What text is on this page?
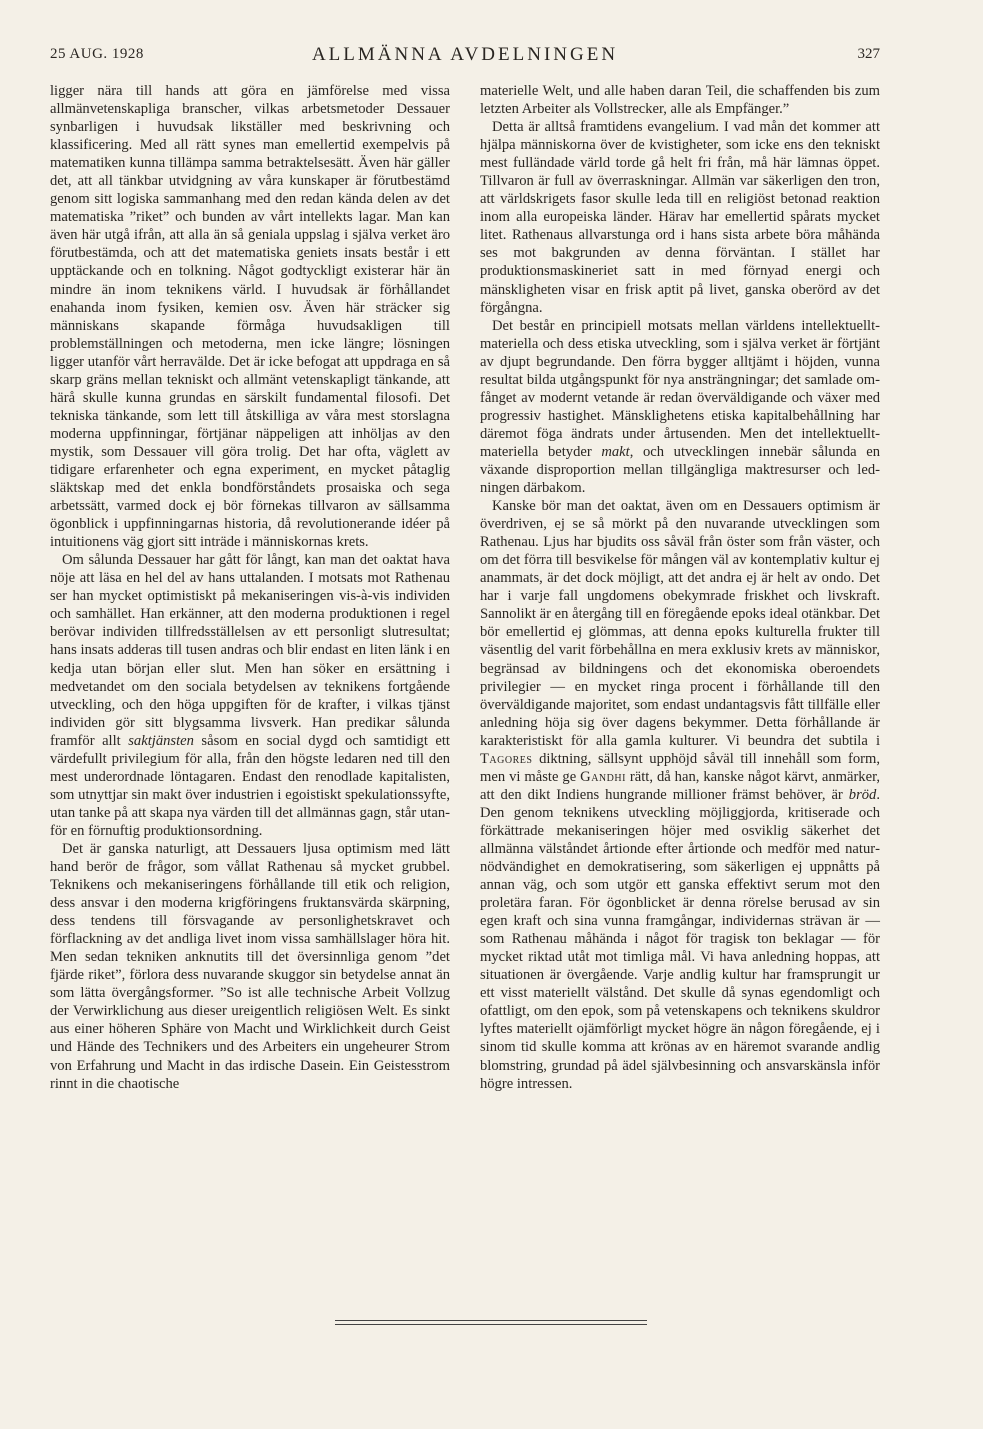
25 AUG. 1928	ALLMÄNNA AVDELNINGEN	327

ligger nära till hands att göra en jämförelse med vissa allmänvetenskapliga branscher, vilkas arbetsmetoder Dessauer synbarligen i huvudsak likställer med beskrivning och klassificering. Med all rätt synes man emellertid exempelvis på matematiken kunna tillämpa samma betraktelsesätt. Även här gäller det, att all tänkbar utvidgning av våra kunskaper är förutbestämd genom sitt logiska sammanhang med den redan kända delen av det matematiska ”riket” och bunden av vårt intellekts lagar. Man kan även här utgå ifrån, att alla än så geniala uppslag i själva verket äro förutbestämda, och att det matematiska geniets insats består i ett upptäckande och en tolkning. Något godtyckligt existerar här än mindre än inom teknikens värld. I huvudsak är förhållandet enahanda inom fysiken, kemien osv. Även här sträcker sig människans skapande förmåga huvudsakligen till problemställningen och metoderna, men icke längre; lösningen ligger utanför vårt herravälde. Det är icke befogat att uppdraga en så skarp gräns mellan tekniskt och allmänt vetenskapligt tänkande, att härå skulle kunna grundas en särskilt fundamental filosofi. Det tekniska tänkande, som lett till åtskilliga av våra mest storslagna moderna uppfinningar, förtjänar näppeligen att inhöljas av den mystik, som Dessauer vill göra trolig. Det har ofta, väglett av tidigare erfarenheter och egna experiment, en mycket påtaglig släktskap med det enkla bondförståndets prosaiska och sega arbetssätt, varmed dock ej bör förnekas tillvaron av sällsamma ögonblick i uppfinningarnas historia, då revolutionerande idéer på intuitionens väg gjort sitt inträde i människornas krets.

Om sålunda Dessauer har gått för långt, kan man det oaktat hava nöje att läsa en hel del av hans uttalanden. I motsats mot Rathenau ser han mycket optimistiskt på mekaniseringen vis-à-vis individen och samhället. Han erkänner, att den moderna produktionen i regel berövar individen tillfredsställelsen av ett personligt slutresultat; hans insats adderas till tusen andras och blir endast en liten länk i en kedja utan början eller slut. Men han söker en ersättning i medvetandet om den sociala betydelsen av teknikens fortgående utveckling, och den höga uppgiften för de krafter, i vilkas tjänst individen gör sitt blygsamma livsverk. Han predikar sålunda framför allt saktjänsten såsom en social dygd och samtidigt ett värdefullt privilegium för alla, från den högste ledaren ned till den mest underordnade löntagaren. Endast den renodlade kapitalisten, som utnyttjar sin makt över industrien i egoistiskt spekulationssyfte, utan tanke på att skapa nya värden till det allmännas gagn, står utanför en förnuftig produktionsordning.

Det är ganska naturligt, att Dessauers ljusa optimism med lätt hand berör de frågor, som vållat Rathenau så mycket grubbel. Teknikens och mekaniseringens förhållande till etik och religion, dess ansvar i den moderna krigföringens fruktansvärda skärpning, dess tendens till försvagande av personlighetskravet och förflackning av det andliga livet inom vissa samhällslager höra hit. Men sedan tekniken anknutits till det översinnliga genom ”det fjärde riket”, förlora dess nuvarande skuggor sin betydelse annat än som lätta övergångsformer. ”So ist alle technische Arbeit Vollzug der Verwirklichung aus dieser ureigentlich religiösen Welt. Es sinkt aus einer höheren Sphäre von Macht und Wirklichkeit durch Geist und Hände des Technikers und des Arbeiters ein ungeheurer Strom von Erfahrung und Macht in das irdische Dasein. Ein Geistesstrom rinnt in die chaotische

materielle Welt, und alle haben daran Teil, die schaffenden bis zum letzten Arbeiter als Vollstrecker, alle als Empfänger.”

Detta är alltså framtidens evangelium. I vad mån det kommer att hjälpa människorna över de kvistigheter, som icke ens den tekniskt mest fulländade värld torde gå helt fri från, må här lämnas öppet. Tillvaron är full av överraskningar. Allmän var säkerligen den tron, att världskrigets fasor skulle leda till en religiöst betonad reaktion inom alla europeiska länder. Härav har emellertid spårats mycket litet. Rathenaus allvarstunga ord i hans sista arbete böra måhända ses mot bakgrunden av denna förväntan. I stället har produktionsmaskineriet satt in med förnyad energi och mänskligheten visar en frisk aptit på livet, ganska oberörd av det förgångna.

Det består en principiell motsats mellan världens intellektuellt-materiella och dess etiska utveckling, som i själva verket är förtjänt av djupt begrundande. Den förra bygger alltjämt i höjden, vunna resultat bilda utgångspunkt för nya ansträngningar; det samlade omfånget av modernt vetande är redan överväldigande och växer med progressiv hastighet. Mänsklighetens etiska kapitalbehållning har däremot föga ändrats under årtusenden. Men det intellektuellt-materiella betyder makt, och utvecklingen innebär sålunda en växande disproportion mellan tillgängliga maktresurser och ledningen därbakom.

Kanske bör man det oaktat, även om en Dessauers optimism är överdriven, ej se så mörkt på den nuvarande utvecklingen som Rathenau. Ljus har bjudits oss såväl från öster som från väster, och om det förra till besvikelse för mången väl av kontemplativ kultur ej anammats, är det dock möjligt, att det andra ej är helt av ondo. Det har i varje fall ungdomens obekymrade friskhet och livskraft. Sannolikt är en återgång till en föregående epoks ideal otänkbar. Det bör emellertid ej glömmas, att denna epoks kulturella frukter till väsentlig del varit förbehållna en mera exklusiv krets av människor, begränsad av bildningens och det ekonomiska oberoendets privilegier — en mycket ringa procent i förhållande till den överväldigande majoritet, som endast undantagsvis fått tillfälle eller anledning höja sig över dagens bekymmer. Detta förhållande är karakteristiskt för alla gamla kulturer. Vi beundra det subtila i Tagores diktning, sällsynt upphöjd såväl till innehåll som form, men vi måste ge Gandhi rätt, då han, kanske något kärvt, anmärker, att den dikt Indiens hungrande millioner främst behöver, är bröd. Den genom teknikens utveckling möjliggjorda, kritiserade och förkättrade mekaniseringen höjer med osviklig säkerhet det allmänna välståndet årtionde efter årtionde och medför med naturnödvändighet en demokratisering, som säkerligen ej uppnåtts på annan väg, och som utgör ett ganska effektivt serum mot den proletära faran. För ögonblicket är denna rörelse berusad av sin egen kraft och sina vunna framgångar, individernas strävan är — som Rathenau måhända i något för tragisk ton beklagar — för mycket riktad utåt mot timliga mål. Vi hava anledning hoppas, att situationen är övergående. Varje andlig kultur har framsprungit ur ett visst materiellt välstånd. Det skulle då synas egendomligt och ofattligt, om den epok, som på vetenskapens och teknikens skuldror lyftes materiellt ojämförligt mycket högre än någon föregående, ej i sinom tid skulle komma att krönas av en häremot svarande andlig blomstring, grundad på ädel självbesinning och ansvarskänsla inför högre intressen.
